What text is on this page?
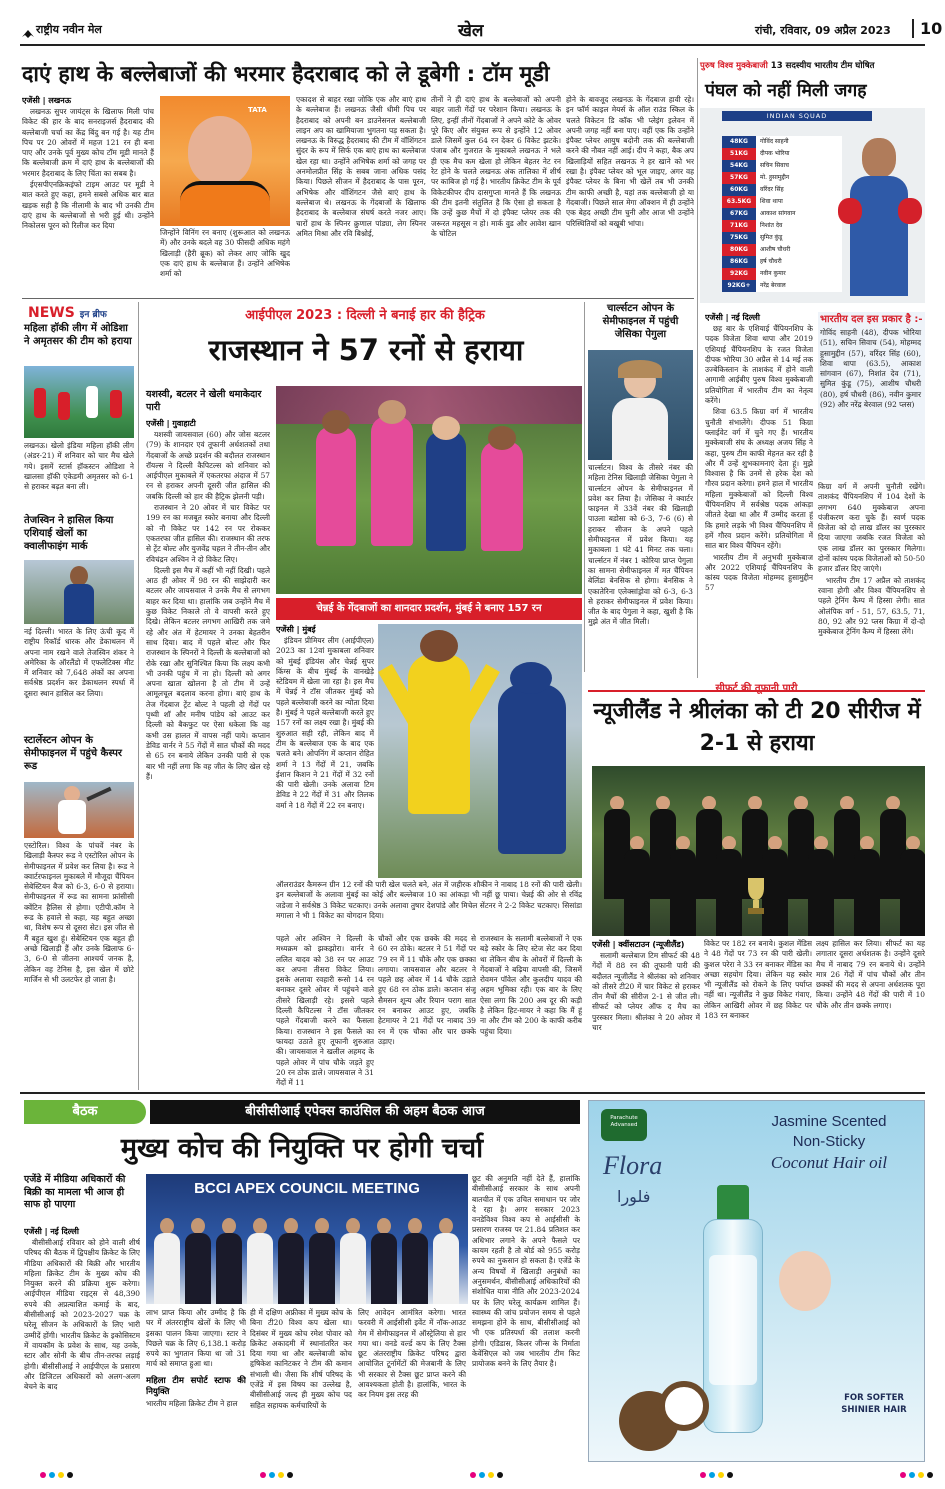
राष्ट्रीय नवीन मेल	खेल	रांची, रविवार, 09 अप्रैल 2023	10
दाएं हाथ के बल्लेबाजों की भरमार हैदराबाद को ले डूबेगी : टॉम मूडी

एजेंसी | लखनऊ

लखनऊ सुपर जायंट्स के खिलाफ मिली पांच विकेट की हार के बाद सनराइजर्स हैदराबाद की बल्लेबाजी चर्चा का केंद्र बिंदु बन गई है। यह टीम पिच पर 20 ओवरों में महज 121 रन ही बना पाए और उनके पूर्व मुख्य कोच टॉम मूडी मानते हैं कि बल्लेबाजी क्रम में दाएं हाथ के बल्लेबाजों की भरमार हैदराबाद के लिए चिंता का सबब है।

ईएसपीएनक्रिकइंफो टाइम आउट पर मूडी ने बात करते हुए कहा, हमने सबसे अधिक बार बात खड़क सही है कि नीलामी के बाद भी उनकी टीम दाएं हाथ के बल्लेबाजों से भरी हुई थी। उन्होंने निकोलस पूरन को रिलीज कर दिया

TATA

जिन्होंने विनिंग रन बनाए (शुरूआत को लखनऊ में) और उनके बदले वह 30 फीसदी अधिक महंगे खिलाड़ी (हैरी ब्रूक) को लेकर आए जोकि खुद एक दाएं हाथ के बल्लेबाज हैं। उन्होंने अभिषेक शर्मा को

एकादश से बाहर रखा जोकि एक और बाएं हाथ के बल्लेबाज हैं। लखनऊ जैसी धीमी पिच पर हैदराबाद को अपनी बन डाउनेसनल बल्लेबाजी लाइन अप का खामियाजा भुगतना पड़ सकता है। लखनऊ के विरुद्ध हैदराबाद की टीम में वॉशिंगटन सुंदर के रूप में सिर्फ एक बाएं हाथ का बल्लेबाज खेल रहा था। उन्होंने अभिषेक शर्मा को जगह पर अनमोलप्रीत सिंह के सबब जाना अधिक पसंद किया। पिछले सीजन में हैदराबाद के पास पूरन, अभिषेक और वॉशिंगटन जैसे बाएं हाथ के बल्लेबाज थे। लखनऊ के गेंदबाजों के खिलाफ हैदराबाद के बल्लेबाज संघर्ष करते नजर आए। चारों हाथ के स्पिनर क्रुणाल पांड्या, लेग स्पिनर अमित मिश्रा और रवि बिश्नोई,

तीनों ने ही दाएं हाथ के बल्लेबाजों को अपनी बाहर जाती गेंदों पर परेशान किया। लखनऊ के लिए, इन्हीं तीनों गेंदबाजों ने अपने कोटे के ओवर पूरे किए और संयुक्त रूप से इन्होंने 12 ओवर डाले जिसमें कुल 64 रन देकर 6 विकेट झटके। पंजाब और गुजरात के मुकाबले लखनऊ ने भले ही एक मैच कम खेला हो लेकिन बेहतर नेट रन रेट होने के चलते लखनऊ अंक तालिका में शीर्ष पर काबिज हो गई है। भारतीय क्रिकेट टीम के पूर्व विकेटकीपर दीप दासगुप्ता मानते हैं कि लखनऊ की टीम इतनी संतुलित है कि ऐसा हो सकता है कि उन्हें कुछ मैचों में दो इंपैक्ट प्लेयर तक की जरूरत महसूस न हो। मार्क वुड और आवेश खान के चोटिल

होने के बावजूद लखनऊ के गेंदबाज हावी रहे। इन फॉर्म काइल मेयर्स के ऑल राउंड स्किल के चलते विकेटन डि कॉक भी प्लेइंग इलेवन में अपनी जगह नहीं बना पाए। वहीं एक कि उन्होंने इंपैक्ट प्लेयर आयुष बदोनी तक की बल्लेबाजी करने की नौबत नहीं आई। दीप ने कहा, बैक अप खिलाड़ियों सहित लखनऊ ने हर खाने को भर रखा है। इंपैक्ट प्लेयर को भूल जाइए, अगर वह इंपैक्ट प्लेयर के बिना भी खेलें तब भी उनकी टीम काफी अच्छी है, यहां तक बल्लेबाजी हो या गेंदबाजी। पिछले साल मेगा ऑक्शन में ही उन्होंने एक बेहद अच्छी टीम चुनी और आज भी उन्होंने परिस्थितियों को बखूबी भांपा।

पुरुष विश्व मुक्केबाजी 13 सदस्यीय भारतीय टीम घोषित
पंघल को नहीं मिली जगह
INDIAN SQUAD
48KG	गोविंद साहनी
51KG	दीपक भोरिया
54KG	सचिन सिवाच
57KG	मो. हुसामुद्दीन
60KG	वरिंदर सिंह
63.5KG	शिवा थापा
67KG	आकाश सांगवान
71KG	निशांत देव
75KG	सुमित कुंडू
80KG	आशीष चौधरी
86KG	हर्ष चौधरी
92KG	नवीन कुमार
92KG+	नरेंद्र बेरवाल

एजेंसी | नई दिल्ली

छह बार के एशियाई चैंपियनशिप के पदक विजेता शिवा थापा और 2019 एशियाई चैंपियनशिप के रजत विजेता दीपक भोरिया 30 अप्रैल से 14 मई तक उज्बेकिस्तान के ताशकंद में होने वाली आगामी आईबीए पुरुष विश्व मुक्केबाजी प्रतियोगिता में भारतीय टीम का नेतृत्व करेंगे।

शिवा 63.5 किग्रा वर्ग में भारतीय चुनौती संभालेंगे। दीपक 51 किग्रा फ्लाईवेट वर्ग में चुने गए हैं। भारतीय मुक्केबाजी संघ के अध्यक्ष अजय सिंह ने कहा, पुरुष टीम काफी मेहनत कर रही है और मैं उन्हें शुभकामनाएं देता हूं। मुझे विश्वास है कि उनमें से हरेक देश को गौरव प्रदान करेगा। हमने हाल में भारतीय महिला मुक्केबाजों को दिल्ली विश्व चैंपियनशिप में सर्वश्रेष्ठ पदक आंकड़ा जीतते देखा था और मैं उम्मीद करता हूं कि हमारे लड़के भी विश्व चैंपियनशिप में हमें गौरव प्रदान करेंगे। प्रतियोगिता में सात बार विश्व चैंपियन रहेंगे।

भारतीय टीम में अनुभवी मुक्केबाज और 2022 एशियाई चैंपियनशिप के कांस्य पदक विजेता मोहम्मद हुसामुद्दीन 57

भारतीय दल इस प्रकार है :-
गोविंद साहनी (48), दीपक भोरिया (51), सचिन सिवाच (54), मोहम्मद हुसामुद्दीन (57), वरिंदर सिंह (60), शिवा थापा (63.5), आकाश सांगवान (67), निशांत देव (71), सुमित कुंडू (75), आशीष चौधरी (80), हर्ष चौधरी (86), नवीन कुमार (92) और नरेंद्र बेरवाल (92 प्लस)

किग्रा वर्ग में अपनी चुनौती रखेंगे। ताशकंद चैंपियनशिप में 104 देशों के लगभग 640 मुक्केबाज अपना पंजीकरण करा चुके हैं। स्वर्ण पदक विजेता को दो लाख डॉलर का पुरस्कार दिया जाएगा जबकि रजत विजेता को एक लाख डॉलर का पुरस्कार मिलेगा। दोनों कांस्य पदक विजेताओं को 50-50 हजार डॉलर दिए जाएंगे।

भारतीय टीम 17 अप्रैल को ताशकंद रवाना होगी और विश्व चैंपियनशिप से पहले ट्रेनिंग कैम्प में हिस्सा लेगी। सात ओलंपिक वर्ग - 51, 57, 63.5, 71, 80, 92 और 92 प्लस किग्रा में दो-दो मुक्केबाज ट्रेनिंग कैम्प में हिस्सा लेंगे।

NEWS इन ब्रीफ
महिला हॉकी लीग में ओडिशा ने अमृतसर की टीम को हराया
लखनऊ। खेलो इंडिया महिला हॉकी लीग (अंडर-21) में शनिवार को चार मैच खेले गये। इसमें स्टार्स हॉकस्टन ओडिशा ने खालसा हॉकी एकेडमी अमृतसर को 6-1 से हराकर बढ़त बना ली।
तेजस्विन ने हासिल किया एशियाई खेलों का क्वालीफाइंग मार्क
नई दिल्ली। भारत के लिए ऊंची कूद में राष्ट्रीय रिकॉर्ड धारक और डेकाथलन में अपना नाम रखने वाले तेजस्विन शंकर ने अमेरिका के ऑरलैंडो में एफलेटिक्स मीट में शनिवार को 7,648 अंकों का अपना सर्वश्रेष्ठ प्रदर्शन कर डेकाथलन स्पर्धा में दूसरा स्थान हासिल कर लिया।
स्टार्लेस्टन ओपन के सेमीफाइनल में पहुंचे कैस्पर रूड
एस्टोरिल। विश्व के पांचवें नंबर के खिलाड़ी कैस्पर रूड ने एस्टोरिल ओपन के सेमीफाइनल में प्रवेश कर लिया है। रूड ने क्वार्टरफाइनल मुकाबले में मौजूदा चैंपियन सेबेस्टियन बैज को 6-3, 6-0 से हराया। सेमीफाइनल में रूड का सामना फ्रांसीसी क्वेंटिन हैलिस से होगा। एटीपी.कॉम ने रूड के हवाले से कहा, यह बहुत अच्छा था, विशेष रूप से दूसरा सेट। इस जीत से मैं बहुत खुश हूं। सेबेस्टियन एक बहुत ही अच्छे खिलाड़ी हैं और उनके खिलाफ 6-3, 6-0 से जीतना आश्चर्य जनक है, लेकिन वह टेनिस है, इस खेल में छोटे मार्जिन से भी उलटफेर हो जाता है।
आईपीएल 2023 : दिल्ली ने बनाई हार की हैट्रिक
राजस्थान ने 57 रनों से हराया
यशस्वी, बटलर ने खेली धमाकेदार पारी

एजेंसी | गुवाहाटी

यशस्वी जायसवाल (60) और जोस बटलर (79) के शानदार एवं तूफानी अर्धशतकों तथा गेंदबाजों के अच्छे प्रदर्शन की बदौलत राजस्थान रॉयल्स ने दिल्ली कैपिटल्स को शनिवार को आईपीएल मुकाबले में एकतरफा अंदाज में 57 रन से हराकर अपनी दूसरी जीत हासिल की जबकि दिल्ली को हार की हैट्रिक झेलनी पड़ी।

राजस्थान ने 20 ओवर में चार विकेट पर 199 रन का मजबूत स्कोर बनाया और दिल्ली को नौ विकेट पर 142 रन पर रोककर एकतरफा जीत हासिल की। राजस्थान की तरफ से ट्रेंट बोल्ट और युजवेंद्र चहल ने तीन-तीन और रविचंद्रन अश्विन ने दो विकेट लिए।

दिल्ली इस मैच में कहीं भी नहीं दिखी। पहले आठ ही ओवर में 98 रन की साझेदारी कर बटलर और जायसवाल ने उनके मैच से लगभग बाहर कर दिया था। हालांकि जब उन्होंने मैच में कुछ विकेट निकाले तो वे वापसी करते हुए दिखे। लेकिन बटलर लगभग आखिरी तक जमे रहे और अंत में हेटमायर ने उनका बेहतरीन साथ दिया। बाद में पहले बोल्ट और फिर राजस्थान के स्पिनरों ने दिल्ली के बल्लेबाजों को रोके रखा और सुनिश्चित किया कि लक्ष्य कभी भी उनकी पहुंच में ना हो। दिल्ली को अगर अपना खाता खोलना है तो टीम में उन्हें आमूलचूल बदलाव करना होगा। बाएं हाथ के तेज गेंदबाज ट्रेंट बोल्ट ने पहली दो गेंदों पर पृथ्वी शॉ और मनीष पांडेय को आउट कर दिल्ली को बैकफुट पर ऐसा धकेला कि वह कभी उस हालत में वापस नहीं पाये। कप्तान डेविड वार्नर ने 55 गेंदों में सात चौकों की मदद से 65 रन बनाये लेकिन उनकी पारी से एक बार भी नहीं लगा कि वह जीत के लिए खेल रहे हैं।

चेन्नई के गेंदबाजों का शानदार प्रदर्शन, मुंबई ने बनाए 157 रन

एजेंसी | मुंबई

इंडियन प्रीमियर लीग (आईपीएल) 2023 का 12वां मुकाबला शनिवार को मुंबई इंडियंस और चेन्नई सुपर किंग्स के बीच मुंबई के वानखेड़े स्टेडियम में खेला जा रहा है। इस मैच में चेन्नई ने टॉस जीतकर मुंबई को पहले बल्लेबाजी करने का न्योता दिया है। मुंबई ने पहले बल्लेबाजी करते हुए 157 रनों का लक्ष्य रखा है। मुंबई की शुरुआत सही रही, लेकिन बाद में टीम के बल्लेबाज एक के बाद एक चलते बने। ओपनिंग में कप्तान रोहित शर्मा ने 13 गेंदों में 21, जबकि ईशान किशन ने 21 गेंदों में 32 रनों की पारी खेली। उनके अलावा टिम डेविड ने 22 गेंदों में 31 और तिलक वर्मा ने 18 गेंदों में 22 रन बनाए।

ऑलराउंडर कैमरून ग्रीन 12 रनों की पारी खेल चलते बने, अंत में जहीरक शौकीन ने नाबाद 18 रनों की पारी खेली। इन बल्लेबाजों के अलावा मुंबई का कोई और बल्लेबाज 10 का आंकड़ा भी नहीं छू पाया। चेन्नई की ओर से रविंद्र जडेजा ने सर्वश्रेष्ठ 3 विकेट चटकाए। उनके अलावा तुषार देशपांडे और मिचेल सेंटनर ने 2-2 विकेट चटकाए। सिसांडा मगाला ने भी 1 विकेट का योगदान दिया।

पहले ओर अश्विन ने दिल्ली के मध्यक्रम को झकझोरा। वार्नर ने ललित यादव को 38 रन पर आउट कर अपना तीसरा विकेट लिया। इसके अलावा रवहारी रूसो 14 रन बनाकर दूसरे ओवर में पहुंचने वाले तीसरे खिलाड़ी रहे। इससे पहले दिल्ली कैपिटल्स ने टॉस जीतकर पहले गेंदबाजी करने का फैसला किया। राजस्थान ने इस फैसले का फायदा उठाते हुए तूफानी शुरुआत की। जायसवाल ने खलील अहमद के पहले ओवर में पांच चौके जड़ते हुए 20 रन ठोक डाले। जायसवाल ने 31 गेंदों में 11

चौकों और एक छक्के की मदद से 60 रन ठोके। बटलर ने 51 गेंदों पर 79 रन में 11 चौके और एक छक्का लगाया। जायसवाल और बटलर ने पहले छह ओवर में 14 चौके उड़ाते हुए 68 रन ठोक डाले। कप्तान संजू सैमसन शून्य और रियान पराग सात रन बनाकर आउट हुए, जबकि हेटमायर ने 21 गेंदों पर नाबाद 39 रन में एक चौका और चार छक्के उड़ाए।

राजस्थान के सलामी बल्लेबाजों ने एक बड़े स्कोर के लिए स्टेज सेट कर दिया था लेकिन बीच के ओवरों में दिल्ली के गेंदबाजों ने बढ़िया वापसी की, जिसमें रोवमन पॉवेल और कुलदीप यादव की अहम भूमिका रही। एक बार के लिए ऐसा लगा कि 200 अब दूर की कड़ी है लेकिन हिट-मायर ने कहा कि मैं हूं ना और टीम को 200 के काफी करीब पहुंचा दिया।

चार्ल्सटन ओपन के सेमीफाइनल में पहुंची जेसिका पेगुला
चार्ल्सटन। विश्व के तीसरे नंबर की महिला टेनिस खिलाड़ी जेसिका पेगुला ने चार्ल्सटन ओपन के सेमीफाइनल में प्रवेश कर लिया है। जेसिका ने क्वार्टर फाइनल में 33वें नंबर की खिलाड़ी पाउला बडोसा को 6-3, 7-6 (6) से हराकर सीजन के अपने पहले सेमीफाइनल में प्रवेश किया। यह मुकाबला 1 घंटे 41 मिनट तक चला। चार्ल्सटन में नंबर 1 कोरिया प्राप्त पेगुला का सामना सेमीफाइनल में मत चैंपियन बेलिंडा बेनसिक से होगा। बेनसिक ने एकातेरिना एलेक्सांड्रोवा को 6-3, 6-3 से हराकर सेमीफाइनल में प्रवेश किया। जीत के बाद पेगुला ने कहा, खुशी है कि मुझे अंत में जीत मिली।
सीफर्ट की तूफानी पारी
न्यूजीलैंड ने श्रीलंका को टी 20 सीरीज में 2-1 से हराया

एजेंसी | क्वींसटाउन (न्यूजीलैंड)

सलामी बल्लेबाज टिम सीफर्ट की 48 गेंदों में 88 रन की तूफानी पारी की बदौलत न्यूजीलैंड ने श्रीलंका को शनिवार को तीसरे टी20 में चार विकेट से हराकर तीन मैचों की सीरीज 2-1 से जीत ली। सीफर्ट को प्लेयर ऑफ द मैच का पुरस्कार मिला। श्रीलंका ने 20 ओवर में चार

विकेट पर 182 रन बनाये। कुशल मेंडिस ने 48 गेंदों पर 73 रन की पारी खेली। कुशल परेरा ने 33 रन बनाकर मेंडिस का अच्छा सहयोग दिया। लेकिन यह स्कोर भी न्यूजीलैंड को रोकने के लिए पर्याप्त नहीं था। न्यूजीलैंड ने कुछ विकेट गंवाए, लेकिन आखिरी ओवर में छह विकेट पर 183 रन बनाकर

लक्ष्य हासिल कर लिया। सीफर्ट का यह लगातार दूसरा अर्धशतक है। उन्होंने दूसरे मैच में नाबाद 79 रन बनाये थे। उन्होंने मात्र 26 गेंदों में पांच चौकों और तीन छक्कों की मदद से अपना अर्धशतक पूरा किया। उन्होंने 48 गेंदों की पारी में 10 चौके और तीन छक्के लगाए।

बैठक	बीसीसीआई एपेक्स काउंसिल की अहम बैठक आज
मुख्य कोच की नियुक्ति पर होगी चर्चा
एजेंडे में मीडिया अधिकारों की बिक्री का मामला भी आज ही साफ हो पाएगा

एजेंसी | नई दिल्ली

बीसीसीआई रविवार को होने वाली शीर्ष परिषद की बैठक में द्विपक्षीय क्रिकेट के लिए मीडिया अधिकारों की बिक्री और भारतीय महिला क्रिकेट टीम के मुख्य कोच की नियुक्त करने की प्रक्रिया शुरू करेगा। आईपीएल मीडिया राइट्स से 48,390 रुपये की अप्रत्याशित कमाई के बाद, बीसीसीआई को 2023-2027 चक्र के घरेलू सीजन के अधिकारों के लिए भारी उम्मीदें होंगी। भारतीय क्रिकेट के इकोसिस्टम में वायकॉम के प्रवेश के साथ, यह उनके, स्टार और सोनी के बीच तीन-तरफा लड़ाई होगी। बीसीसीआई ने आईपीएल के प्रसारण और डिजिटल अधिकारों को अलग-अलग बेचने के बाद

BCCI APEX COUNCIL MEETING

लाभ प्राप्त किया और उम्मीद है कि घर में अंतरराष्ट्रीय खेलों के लिए भी इसका पालन किया जाएगा। स्टार ने पिछले चक्र के लिए 6,138.1 करोड़ रुपये का भुगतान किया था जो 31 मार्च को समाप्त हुआ था।

महिला टीम सपोर्ट स्टाफ की नियुक्ति

भारतीय महिला क्रिकेट टीम ने हाल

ही में दक्षिण अफ्रीका में मुख्य कोच के बिना टी20 विश्व कप खेला था। दिसंबर में मुख्य कोच रमेश पोवार को क्रिकेट अकादमी में स्थानांतरित कर दिया गया था और बल्लेबाजी कोच हृषिकेश कानिटकर ने टीम की कमान संभाली थी। जैसा कि शीर्ष परिषद के एजेंडे में इस विषय का उल्लेख है, बीसीसीआई जल्द ही मुख्य कोच पद सहित सहायक कर्मचारियों के

लिए आवेदन आमंत्रित करेगा। भारत फरवरी में आईसीसी इवेंट में नॉक-आउट गेम में सेमीफाइनल में ऑस्ट्रेलिया से हार गया था। वनडे वर्ल्ड कप के लिए टैक्स छूट अंतरराष्ट्रीय क्रिकेट परिषद द्वारा आयोजित टूर्नामेंटों की मेजबानी के लिए भी सरकार से टैक्स छूट प्राप्त करने की आवश्यकता होती है। हालांकि, भारत के कर नियम इस तरह की

छूट की अनुमति नहीं देते हैं, हालांकि बीसीसीआई सरकार के साथ अपनी बातचीत में एक उचित समाधान पर जोर दे रहा है। अगर सरकार 2023 वनडेविश्व विश्व कप से आईसीसी के प्रसारण राजस्व पर 21.84 प्रतिशत कर अधिभार लगाने के अपने फैसले पर कायम रहती है तो बोर्ड को 955 करोड़ रुपये का नुकसान हो सकता है। एजेंडे के अन्य विषयों में खिलाड़ी अनुबंधों का अनुसमर्थन, बीसीसीआई अधिकारियों की संशोधित यात्रा नीति और 2023-2024 घर के लिए घरेलू कार्यक्रम शामिल हैं। स्वास्थ्य की जांच प्रयोजन समय से पहले समझना होने के साथ, बीसीसीआई को भी एक प्रतिस्पर्धा की तलाश करनी होगी। एडिडास, किलर जीन्स के निर्माता केवेंसिएल को जब भारतीय टीम किट प्रायोजक बनने के लिए तैयार है।

Parachute Advansed	Jasmine Scented
Non-Sticky
Coconut Hair oil
Flora
فلورا
FOR SOFTER
SHINIER HAIR
